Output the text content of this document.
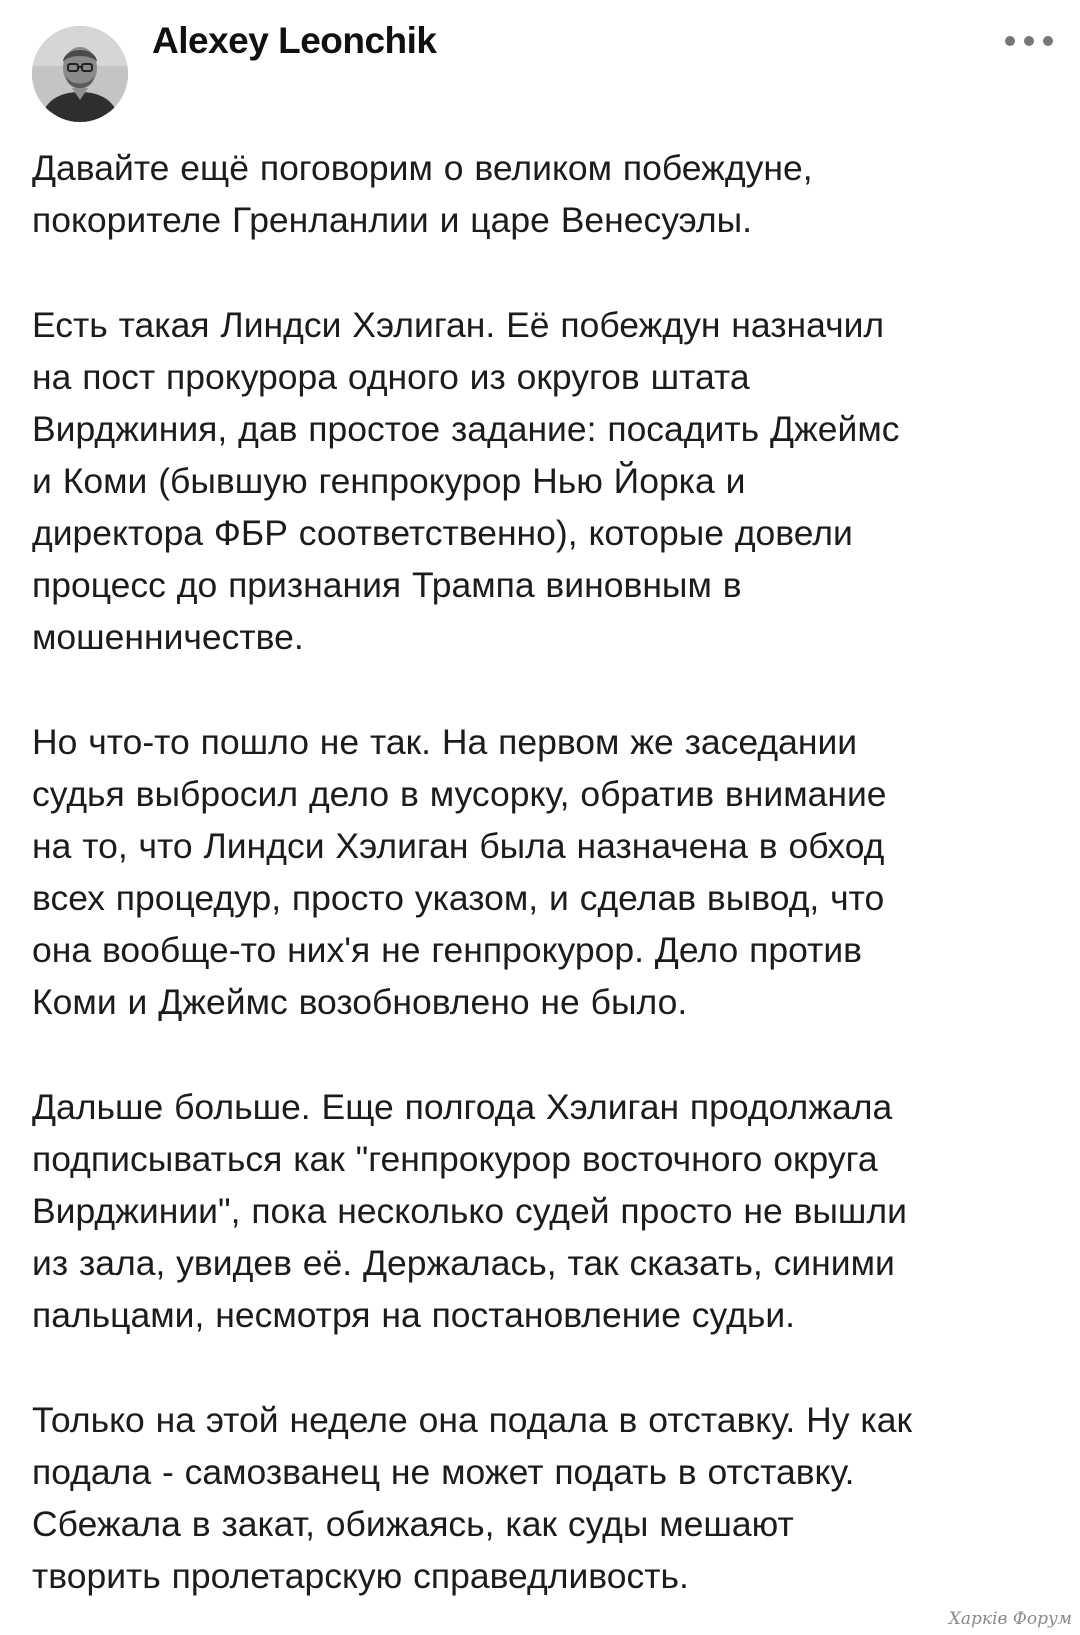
Alexey Leonchik

Давайте ещё поговорим о великом побеждуне,
покорителе Гренланлии и царе Венесуэлы.

Есть такая Линдси Хэлиган. Её побеждун назначил
на пост прокурора одного из округов штата
Вирджиния, дав простое задание: посадить Джеймс
и Коми (бывшую генпрокурор Нью Йорка и
директора ФБР соответственно), которые довели
процесс до признания Трампа виновным в
мошенничестве.

Но что-то пошло не так. На первом же заседании
судья выбросил дело в мусорку, обратив внимание
на то, что Линдси Хэлиган была назначена в обход
всех процедур, просто указом, и сделав вывод, что
она вообще-то них'я не генпрокурор. Дело против
Коми и Джеймс возобновлено не было.

Дальше больше. Еще полгода Хэлиган продолжала
подписываться как "генпрокурор восточного округа
Вирджинии", пока несколько судей просто не вышли
из зала, увидев её. Держалась, так сказать, синими
пальцами, несмотря на постановление судьи.

Только на этой неделе она подала в отставку. Ну как
подала - самозванец не может подать в отставку.
Сбежала в закат, обижаясь, как суды мешают
творить пролетарскую справедливость.

Харків Форум
